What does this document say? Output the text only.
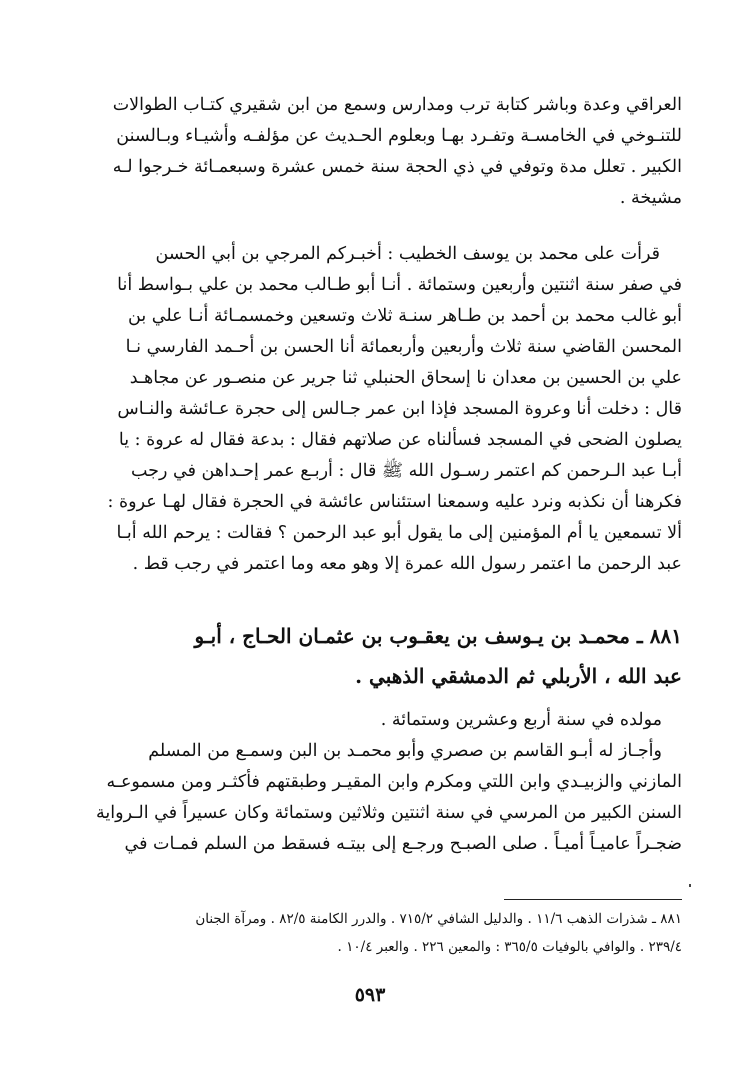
العراقي وعدة وباشر كتابة ترب ومدارس وسمع من ابن شقيري كتـاب الطوالات
للتنـوخي في الخامسـة وتفـرد بهـا وبعلوم الحـديث عن مؤلفـه وأشيـاء وبـالسنن
الكبير . تعلل مدة وتوفي في ذي الحجة سنة خمس عشرة وسبعمـائة خـرجوا لـه
مشيخة .
قرأت على محمد بن يوسف الخطيب : أخبـركم المرجي بن أبي الحسن
في صفر سنة اثنتين وأربعين وستمائة . أنـا أبو طـالب محمد بن علي بـواسط أنا
أبو غالب محمد بن أحمد بن طـاهر سنـة ثلاث وتسعين وخمسمـائة أنـا علي بن
المحسن القاضي سنة ثلاث وأربعين وأربعمائة أنا الحسن بن أحـمد الفارسي نـا
علي بن الحسين بن معدان نا إسحاق الحنبلي ثنا جرير عن منصـور عن مجاهـد
قال : دخلت أنا وعروة المسجد فإذا ابن عمر جـالس إلى حجرة عـائشة والنـاس
يصلون الضحى في المسجد فسألناه عن صلاتهم فقال : بدعة فقال له عروة : يا
أبـا عبد الـرحمن كم اعتمر رسـول الله ﷺ قال : أربـع عمر إحـداهن في رجب
فكرهنا أن نكذبه ونرد عليه وسمعنا استئناس عائشة في الحجرة فقال لهـا عروة :
ألا تسمعين يا أم المؤمنين إلى ما يقول أبو عبد الرحمن ؟ فقالت : يرحم الله أبـا
عبد الرحمن ما اعتمر رسول الله عمرة إلا وهو معه وما اعتمر في رجب قط .
٨٨١ ـ محمـد بن يـوسف بن يعقـوب بن عثمـان الحـاج ، أبـو
عبد الله ، الأربلي ثم الدمشقي الذهبي .
مولده في سنة أربع وعشرين وستمائة .
وأجـاز له أبـو القاسم بن صصري وأبو محمـد بن البن وسمـع من المسلم
المازني والزبيـدي وابن اللتي ومكرم وابن المقيـر وطبقتهم فأكثـر ومن مسموعـه
السنن الكبير من المرسي في سنة اثنتين وثلاثين وستمائة وكان عسيراً في الـرواية
ضجـراً عاميـاً أميـاً . صلى الصبـح ورجـع إلى بيتـه فسقط من السلم فمـات في
٨٨١ ـ شذرات الذهب ١١/٦ . والدليل الشافي ٧١٥/٢ . والدرر الكامنة ٨٢/٥ . ومرآة الجنان
٢٣٩/٤ . والوافي بالوفيات ٣٦٥/٥ : والمعين ٢٢٦ . والعبر ١٠/٤ .
٥٩٣
